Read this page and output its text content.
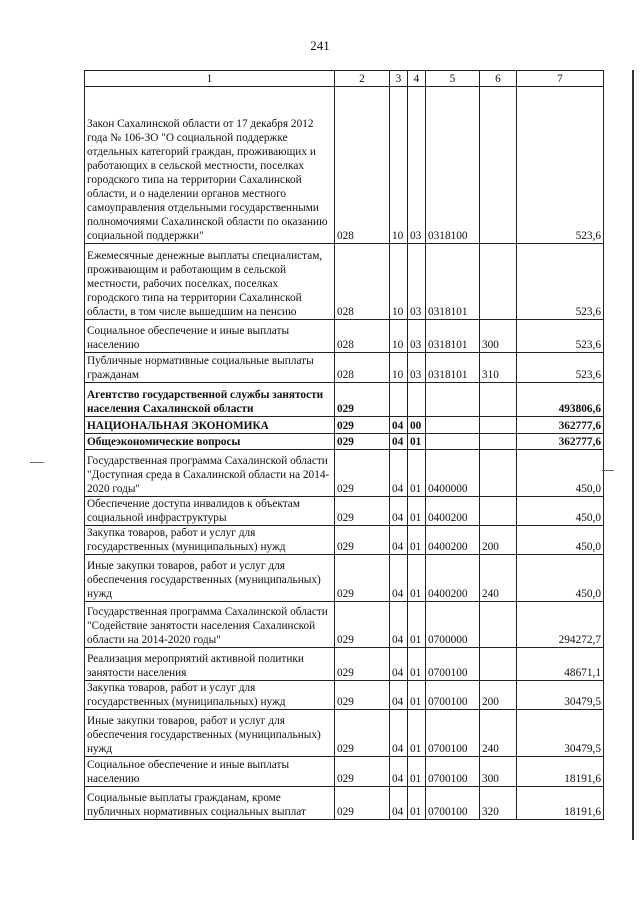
241
1	2	3	4	5	6	7
Закон Сахалинской области от 17 декабря 2012 года № 106-ЗО "О социальной поддержке отдельных категорий граждан, проживающих и работающих в сельской местности, поселках городского типа на территории Сахалинской области, и о наделении органов местного самоуправления отдельными государственными полномочиями Сахалинской области по оказанию социальной поддержки"	028	10	03	0318100		523,6
Ежемесячные денежные выплаты специалистам, проживающим и работающим в сельской местности, рабочих поселках, поселках городского типа на территории Сахалинской области, в том числе вышедшим на пенсию	028	10	03	0318101		523,6
Социальное обеспечение и иные выплаты населению	028	10	03	0318101	300	523,6
Публичные нормативные социальные выплаты гражданам	028	10	03	0318101	310	523,6
Агентство государственной службы занятости населения Сахалинской области	029					493806,6
НАЦИОНАЛЬНАЯ ЭКОНОМИКА	029	04	00			362777,6
Общеэкономические вопросы	029	04	01			362777,6
Государственная программа Сахалинской области "Доступная среда в Сахалинской области на 2014-2020 годы"	029	04	01	0400000		450,0
Обеспечение доступа инвалидов к объектам социальной инфраструктуры	029	04	01	0400200		450,0
Закупка товаров, работ и услуг для государственных (муниципальных) нужд	029	04	01	0400200	200	450,0
Иные закупки товаров, работ и услуг для обеспечения государственных (муниципальных) нужд	029	04	01	0400200	240	450,0
Государственная программа Сахалинской области "Содействие занятости населения Сахалинской области на 2014-2020 годы"	029	04	01	0700000		294272,7
Реализация мероприятий активной политики занятости населения	029	04	01	0700100		48671,1
Закупка товаров, работ и услуг для государственных (муниципальных) нужд	029	04	01	0700100	200	30479,5
Иные закупки товаров, работ и услуг для обеспечения государственных (муниципальных) нужд	029	04	01	0700100	240	30479,5
Социальное обеспечение и иные выплаты населению	029	04	01	0700100	300	18191,6
Социальные выплаты гражданам, кроме публичных нормативных социальных выплат	029	04	01	0700100	320	18191,6
